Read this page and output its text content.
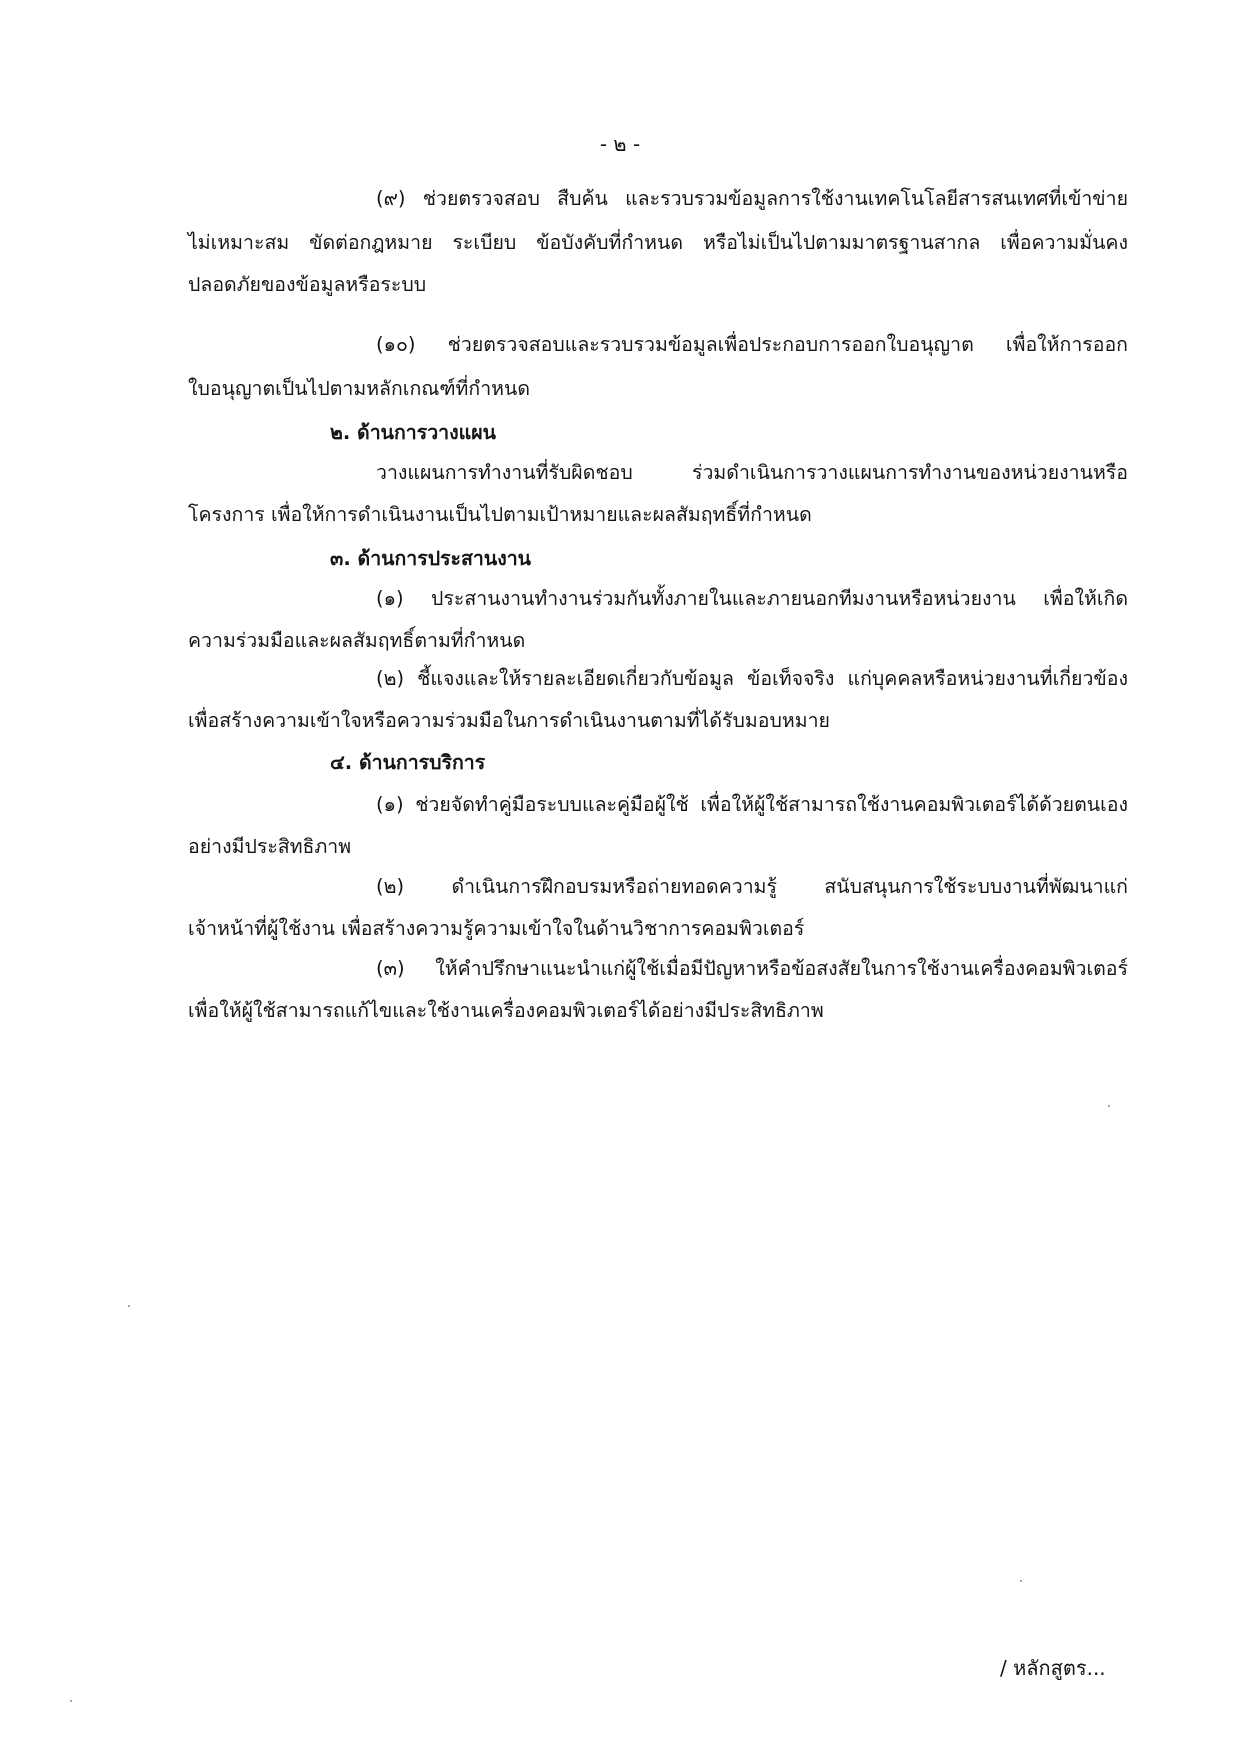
- ๒ -
(๙) ช่วยตรวจสอบ สืบค้น และรวบรวมข้อมูลการใช้งานเทคโนโลยีสารสนเทศที่เข้าข่าย
ไม่เหมาะสม ขัดต่อกฎหมาย ระเบียบ ข้อบังคับที่กำหนด หรือไม่เป็นไปตามมาตรฐานสากล เพื่อความมั่นคง
ปลอดภัยของข้อมูลหรือระบบ
(๑๐) ช่วยตรวจสอบและรวบรวมข้อมูลเพื่อประกอบการออกใบอนุญาต เพื่อให้การออก
ใบอนุญาตเป็นไปตามหลักเกณฑ์ที่กำหนด
๒. ด้านการวางแผน
วางแผนการทำงานที่รับผิดชอบ ร่วมดำเนินการวางแผนการทำงานของหน่วยงานหรือ
โครงการ เพื่อให้การดำเนินงานเป็นไปตามเป้าหมายและผลสัมฤทธิ์ที่กำหนด
๓. ด้านการประสานงาน
(๑) ประสานงานทำงานร่วมกันทั้งภายในและภายนอกทีมงานหรือหน่วยงาน เพื่อให้เกิด
ความร่วมมือและผลสัมฤทธิ์ตามที่กำหนด
(๒) ชี้แจงและให้รายละเอียดเกี่ยวกับข้อมูล ข้อเท็จจริง แก่บุคคลหรือหน่วยงานที่เกี่ยวข้อง
เพื่อสร้างความเข้าใจหรือความร่วมมือในการดำเนินงานตามที่ได้รับมอบหมาย
๔. ด้านการบริการ
(๑) ช่วยจัดทำคู่มือระบบและคู่มือผู้ใช้ เพื่อให้ผู้ใช้สามารถใช้งานคอมพิวเตอร์ได้ด้วยตนเอง
อย่างมีประสิทธิภาพ
(๒) ดำเนินการฝึกอบรมหรือถ่ายทอดความรู้ สนับสนุนการใช้ระบบงานที่พัฒนาแก่
เจ้าหน้าที่ผู้ใช้งาน เพื่อสร้างความรู้ความเข้าใจในด้านวิชาการคอมพิวเตอร์
(๓) ให้คำปรึกษาแนะนำแก่ผู้ใช้เมื่อมีปัญหาหรือข้อสงสัยในการใช้งานเครื่องคอมพิวเตอร์
เพื่อให้ผู้ใช้สามารถแก้ไขและใช้งานเครื่องคอมพิวเตอร์ได้อย่างมีประสิทธิภาพ
/ หลักสูตร...
